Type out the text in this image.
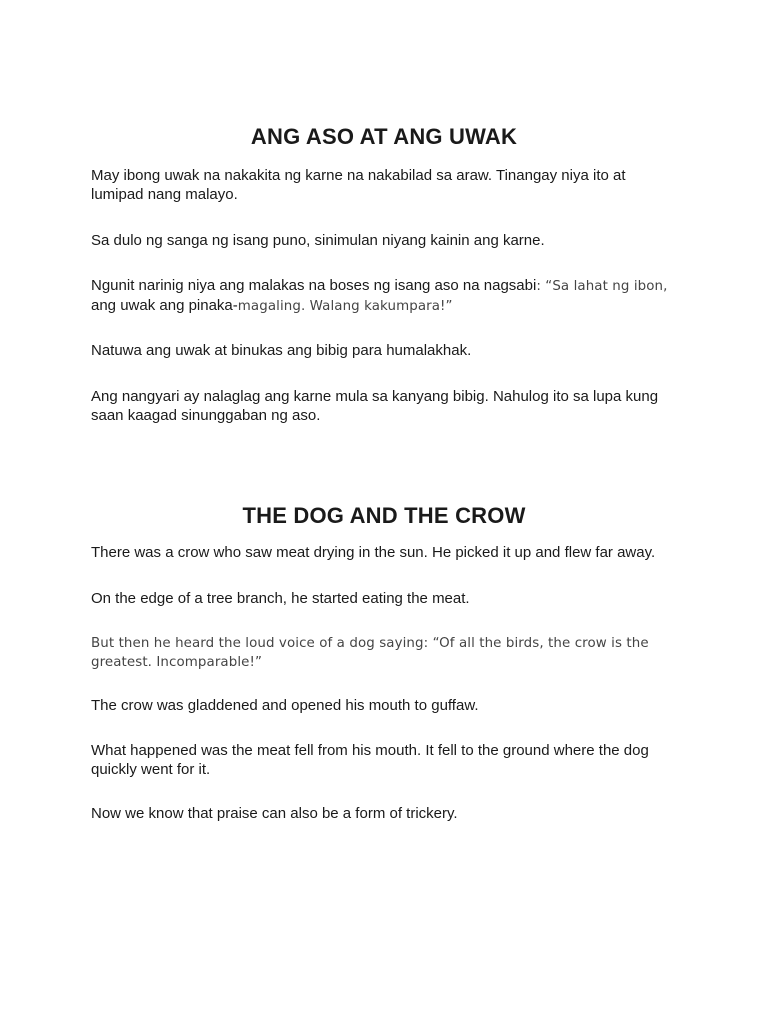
ANG ASO AT ANG UWAK

May ibong uwak na nakakita ng karne na nakabilad sa araw. Tinangay niya ito at lumipad nang malayo.

Sa dulo ng sanga ng isang puno, sinimulan niyang kainin ang karne.

Ngunit narinig niya ang malakas na boses ng isang aso na nagsabi: “Sa lahat ng ibon, ang uwak ang pinaka-magaling. Walang kakumpara!”

Natuwa ang uwak at binukas ang bibig para humalakhak.

Ang nangyari ay nalaglag ang karne mula sa kanyang bibig. Nahulog ito sa lupa kung saan kaagad sinunggaban ng aso.

THE DOG AND THE CROW

There was a crow who saw meat drying in the sun. He picked it up and flew far away.

On the edge of a tree branch, he started eating the meat.

But then he heard the loud voice of a dog saying: “Of all the birds, the crow is the greatest. Incomparable!”

The crow was gladdened and opened his mouth to guffaw.

What happened was the meat fell from his mouth. It fell to the ground where the dog quickly went for it.

Now we know that praise can also be a form of trickery.
